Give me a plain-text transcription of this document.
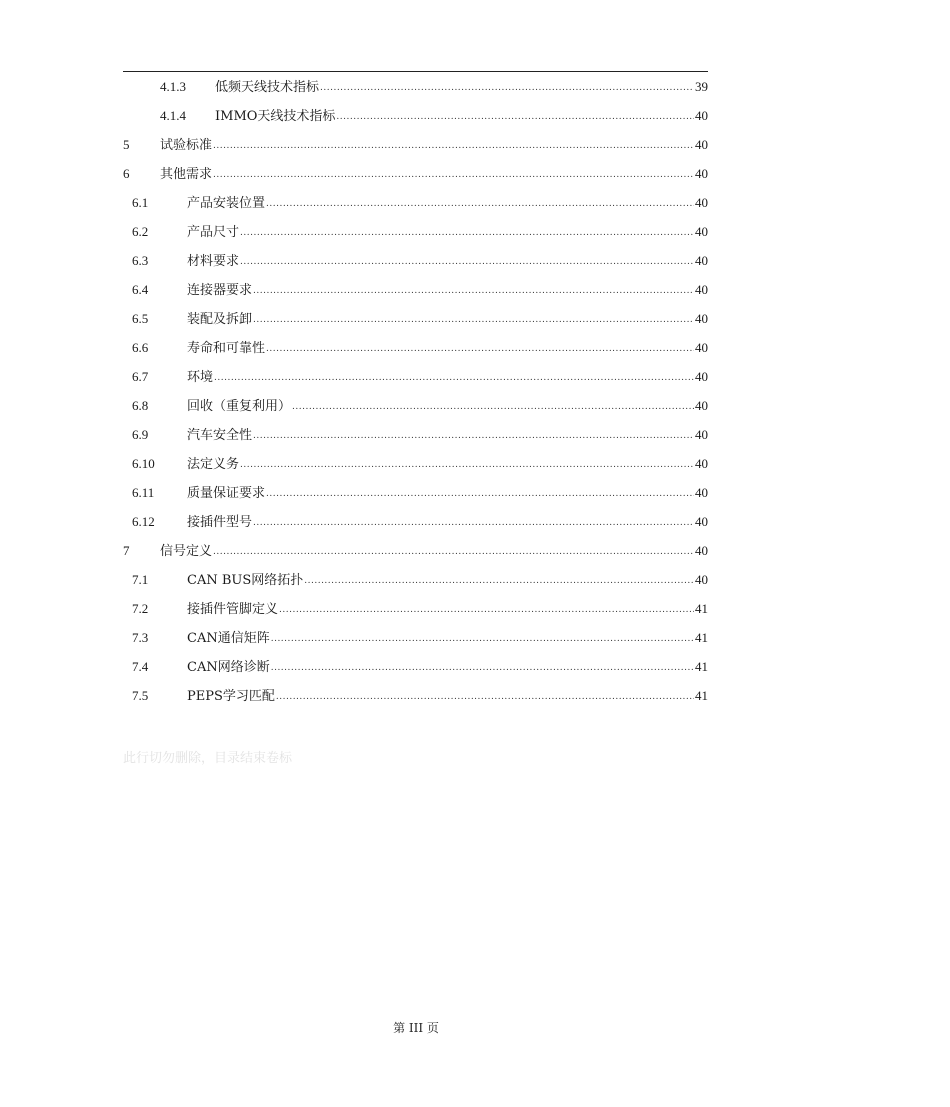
4.1.3	低频天线技术指标 .....	39
4.1.4	IMMO天线技术指标 .....	40
5	试验标准 .....	40
6	其他需求 .....	40
6.1	产品安装位置 .....	40
6.2	产品尺寸 .....	40
6.3	材料要求 .....	40
6.4	连接器要求 .....	40
6.5	装配及拆卸 .....	40
6.6	寿命和可靠性 .....	40
6.7	环境 .....	40
6.8	回收（重复利用） .....	40
6.9	汽车安全性 .....	40
6.10	法定义务 .....	40
6.11	质量保证要求 .....	40
6.12	接插件型号 .....	40
7	信号定义 .....	40
7.1	CAN BUS网络拓扑 .....	40
7.2	接插件管脚定义 .....	41
7.3	CAN通信矩阵 .....	41
7.4	CAN网络诊断 .....	41
7.5	PEPS学习匹配 .....	41
此行切勿删除，目录结束卷标
第 III 页
